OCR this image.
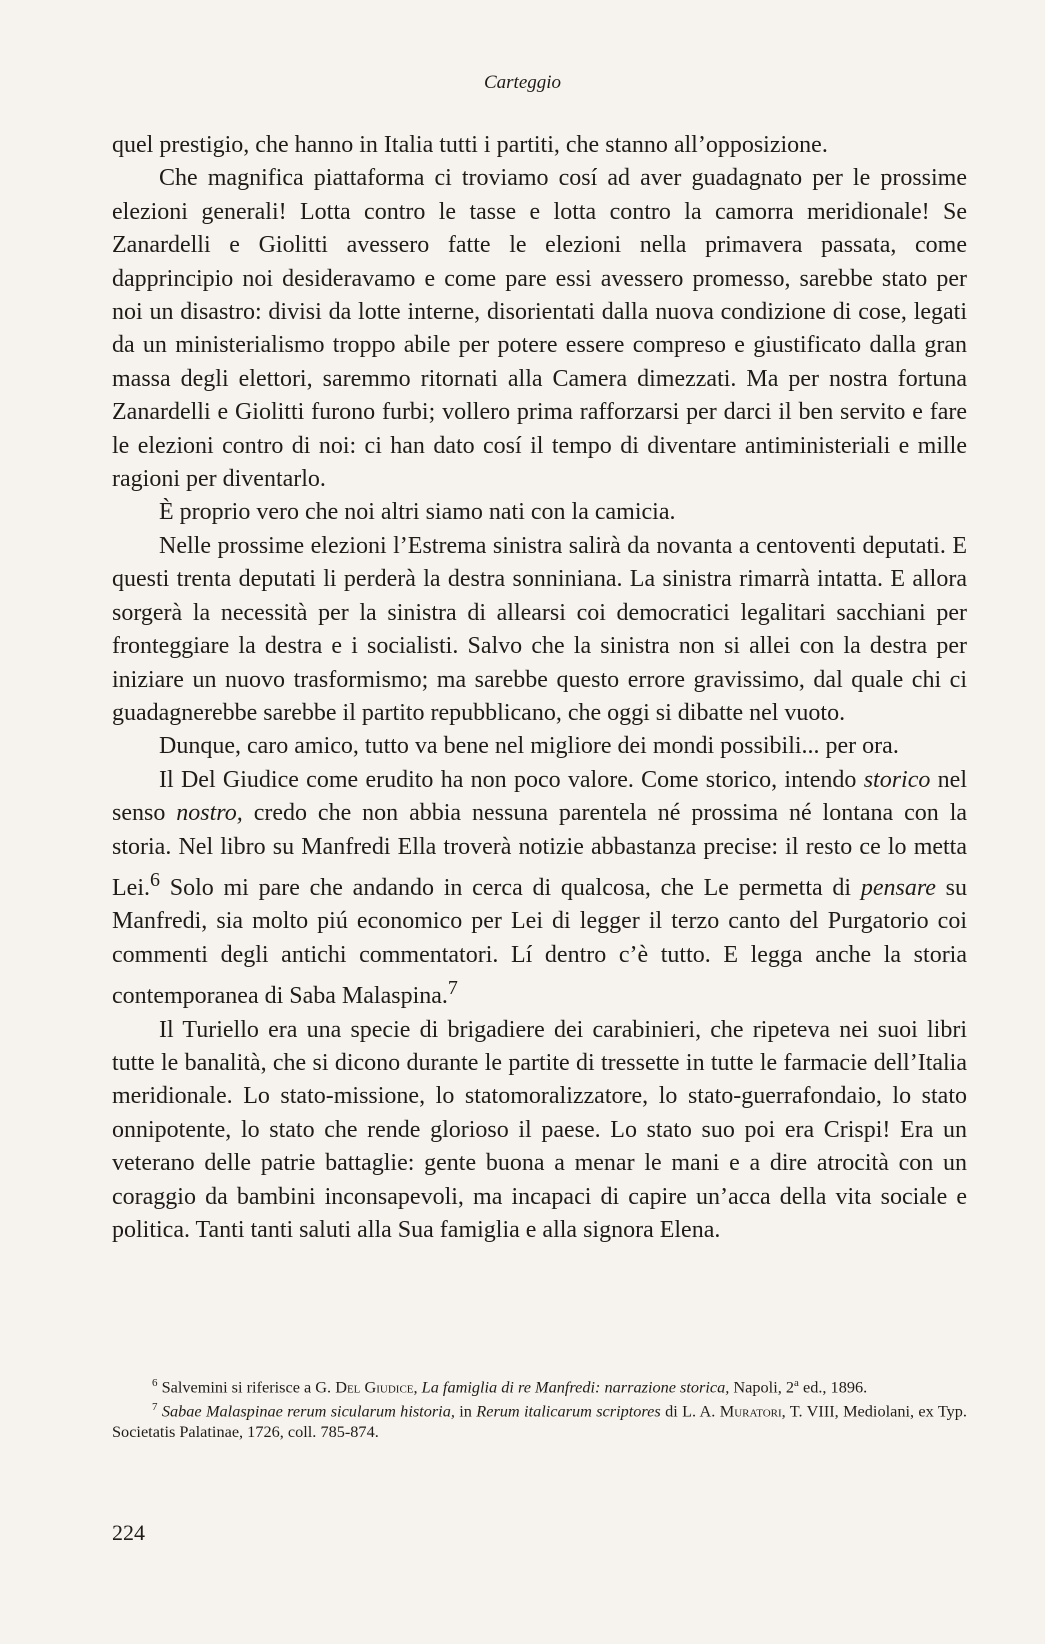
Carteggio

quel prestigio, che hanno in Italia tutti i partiti, che stanno all’opposizione.

Che magnifica piattaforma ci troviamo cosí ad aver guadagnato per le prossime elezioni generali! Lotta contro le tasse e lotta contro la camorra meridionale! Se Zanardelli e Giolitti avessero fatte le elezioni nella primavera passata, come dapprincipio noi desideravamo e come pare essi avessero promesso, sarebbe stato per noi un disastro: divisi da lotte interne, disorientati dalla nuova condizione di cose, legati da un ministerialismo troppo abile per potere essere compreso e giustificato dalla gran massa degli elettori, saremmo ritornati alla Camera dimezzati. Ma per nostra fortuna Zanardelli e Giolitti furono furbi; vollero prima rafforzarsi per darci il ben servito e fare le elezioni contro di noi: ci han dato cosí il tempo di diventare antiministeriali e mille ragioni per diventarlo.

È proprio vero che noi altri siamo nati con la camicia.

Nelle prossime elezioni l’Estrema sinistra salirà da novanta a centoventi deputati. E questi trenta deputati li perderà la destra sonniniana. La sinistra rimarrà intatta. E allora sorgerà la necessità per la sinistra di allearsi coi democratici legalitari sacchiani per fronteggiare la destra e i socialisti. Salvo che la sinistra non si allei con la destra per iniziare un nuovo trasformismo; ma sarebbe questo errore gravissimo, dal quale chi ci guadagnerebbe sarebbe il partito repubblicano, che oggi si dibatte nel vuoto.

Dunque, caro amico, tutto va bene nel migliore dei mondi possibili... per ora.

Il Del Giudice come erudito ha non poco valore. Come storico, intendo storico nel senso nostro, credo che non abbia nessuna parentela né prossima né lontana con la storia. Nel libro su Manfredi Ella troverà notizie abbastanza precise: il resto ce lo metta Lei.$^6$ Solo mi pare che andando in cerca di qualcosa, che Le permetta di pensare su Manfredi, sia molto piú economico per Lei di legger il terzo canto del Purgatorio coi commenti degli antichi commentatori. Lí dentro c’è tutto. E legga anche la storia contemporanea di Saba Malaspina.$^7$

Il Turiello era una specie di brigadiere dei carabinieri, che ripeteva nei suoi libri tutte le banalità, che si dicono durante le partite di tressette in tutte le farmacie dell’Italia meridionale. Lo stato-missione, lo statomoralizzatore, lo stato-guerrafondaio, lo stato onnipotente, lo stato che rende glorioso il paese. Lo stato suo poi era Crispi! Era un veterano delle patrie battaglie: gente buona a menar le mani e a dire atrocità con un coraggio da bambini inconsapevoli, ma incapaci di capire un’acca della vita sociale e politica. Tanti tanti saluti alla Sua famiglia e alla signora Elena.

$^6$ Salvemini si riferisce a G. Del Giudice, La famiglia di re Manfredi: narrazione storica, Napoli, 2$^a$ ed., 1896.

$^7$ Sabae Malaspinae rerum sicularum historia, in Rerum italicarum scriptores di L. A. Muratori, T. VIII, Mediolani, ex Typ. Societatis Palatinae, 1726, coll. 785-874.

224
